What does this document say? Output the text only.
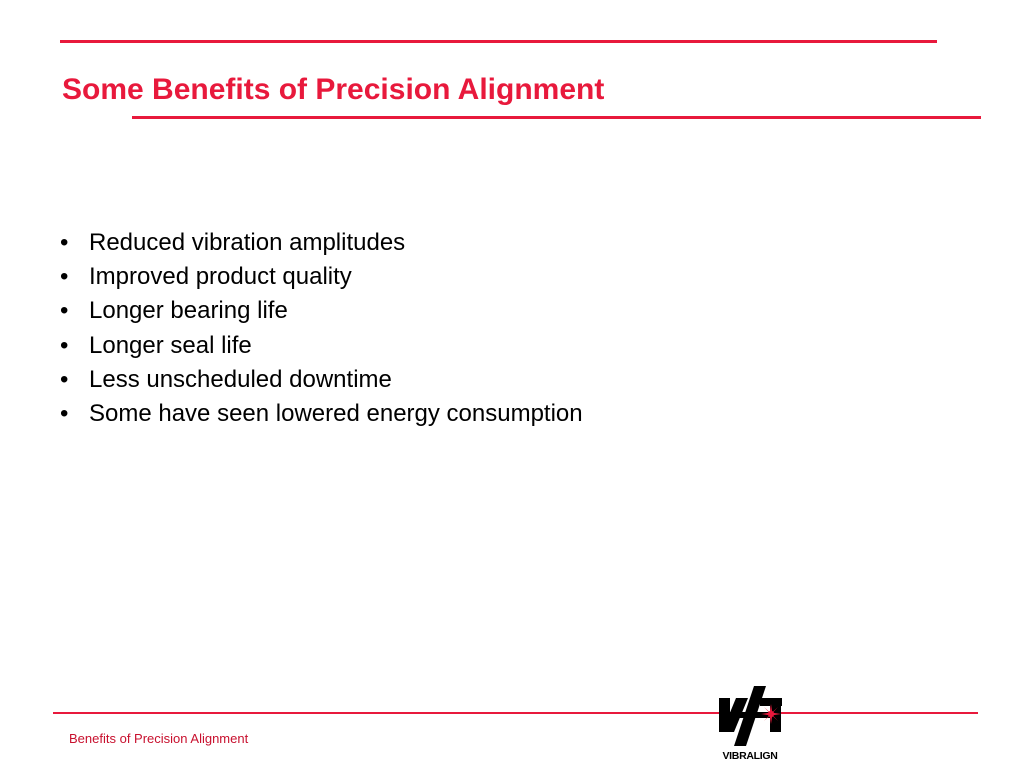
Some Benefits of Precision Alignment
• Reduced vibration amplitudes
• Improved product quality
• Longer bearing life
• Longer seal life
• Less unscheduled downtime
• Some have seen lowered energy consumption
Benefits of Precision Alignment
VIBRALIGN
